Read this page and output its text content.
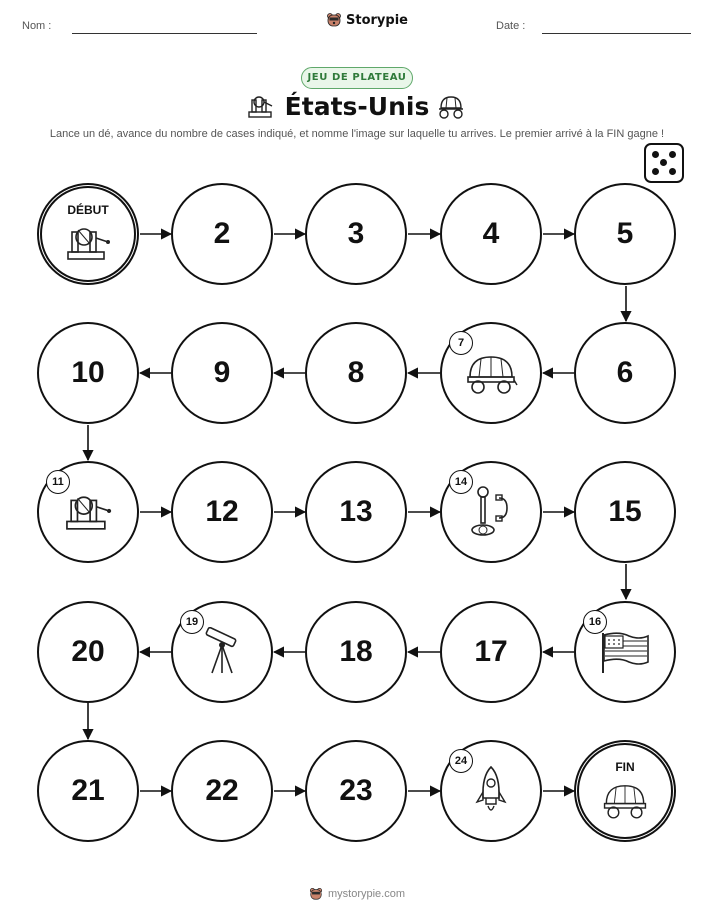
Nom :	Storypie	Date :
JEU DE PLATEAU
États-Unis
Lance un dé, avance du nombre de cases indiqué, et nomme l'image sur laquelle tu arrives. Le premier arrivé à la FIN gagne !
DÉBUT
2	3	4	5
10	9	8
7
6
11
12	13
14
15
20
19
18	17
16
21	22	23
24	FIN
mystorypie.com
